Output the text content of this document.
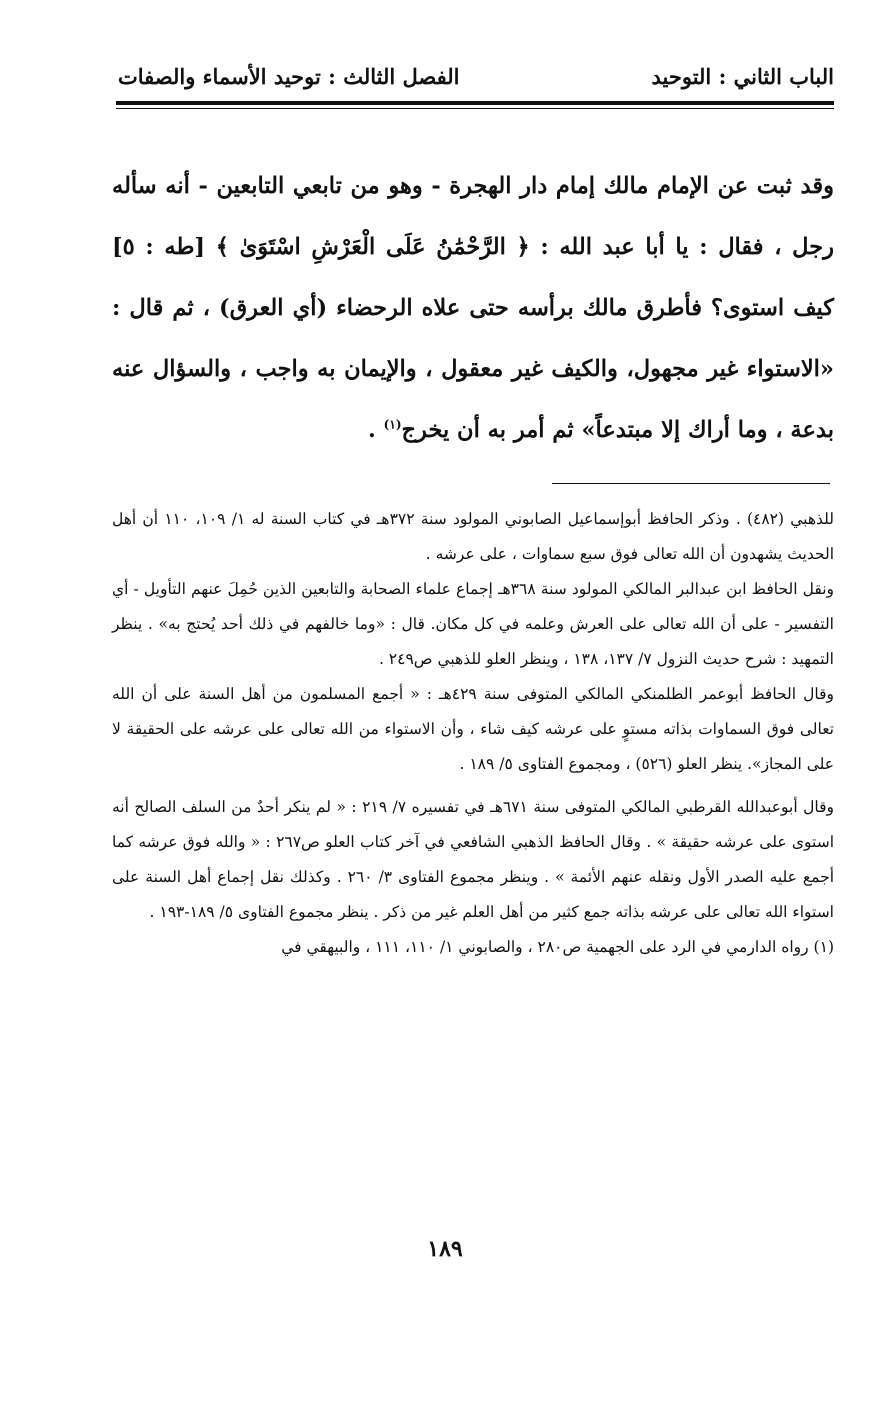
الباب الثاني : التوحيد
الفصل الثالث : توحيد الأسماء والصفات

وقد ثبت عن الإمام مالك إمام دار الهجرة - وهو من تابعي التابعين - أنه سأله رجل ، فقال : يا أبا عبد الله : ﴿ الرَّحْمَٰنُ عَلَى الْعَرْشِ اسْتَوَىٰ ﴾ [طه : ٥] كيف استوى؟ فأطرق مالك برأسه حتى علاه الرحضاء (أي العرق) ، ثم قال : «الاستواء غير مجهول، والكيف غير معقول ، والإيمان به واجب ، والسؤال عنه بدعة ، وما أراك إلا مبتدعاً» ثم أمر به أن يخرج$^{(١)}$ .

للذهبي (٤٨٢) . وذكر الحافظ أبوإسماعيل الصابوني المولود سنة ٣٧٢هـ في كتاب السنة له ١/ ١٠٩، ١١٠ أن أهل الحديث يشهدون أن الله تعالى فوق سبع سماوات ، على عرشه .

ونقل الحافظ ابن عبدالبر المالكي المولود سنة ٣٦٨هـ إجماع علماء الصحابة والتابعين الذين حُمِلَ عنهم التأويل - أي التفسير - على أن الله تعالى على العرش وعلمه في كل مكان. قال : «وما خالفهم في ذلك أحد يُحتج به» . ينظر التمهيد : شرح حديث النزول ٧/ ١٣٧، ١٣٨ ، وينظر العلو للذهبي ص٢٤٩ .

وقال الحافظ أبوعمر الطلمنكي المالكي المتوفى سنة ٤٢٩هـ : « أجمع المسلمون من أهل السنة على أن الله تعالى فوق السماوات بذاته مستوٍ على عرشه كيف شاء ، وأن الاستواء من الله تعالى على عرشه على الحقيقة لا على المجاز». ينظر العلو (٥٢٦) ، ومجموع الفتاوى ٥/ ١٨٩ .

وقال أبوعبدالله القرطبي المالكي المتوفى سنة ٦٧١هـ في تفسيره ٧/ ٢١٩ : « لم ينكر أحدٌ من السلف الصالح أنه استوى على عرشه حقيقة » . وقال الحافظ الذهبي الشافعي في آخر كتاب العلو ص٢٦٧ : « والله فوق عرشه كما أجمع عليه الصدر الأول ونقله عنهم الأئمة » . وينظر مجموع الفتاوى ٣/ ٢٦٠ . وكذلك نقل إجماع أهل السنة على استواء الله تعالى على عرشه بذاته جمع كثير من أهل العلم غير من ذكر . ينظر مجموع الفتاوى ٥/ ١٨٩-١٩٣ .

(١) رواه الدارمي في الرد على الجهمية ص٢٨٠ ، والصابوني ١/ ١١٠، ١١١ ، والبيهقي في

١٨٩
